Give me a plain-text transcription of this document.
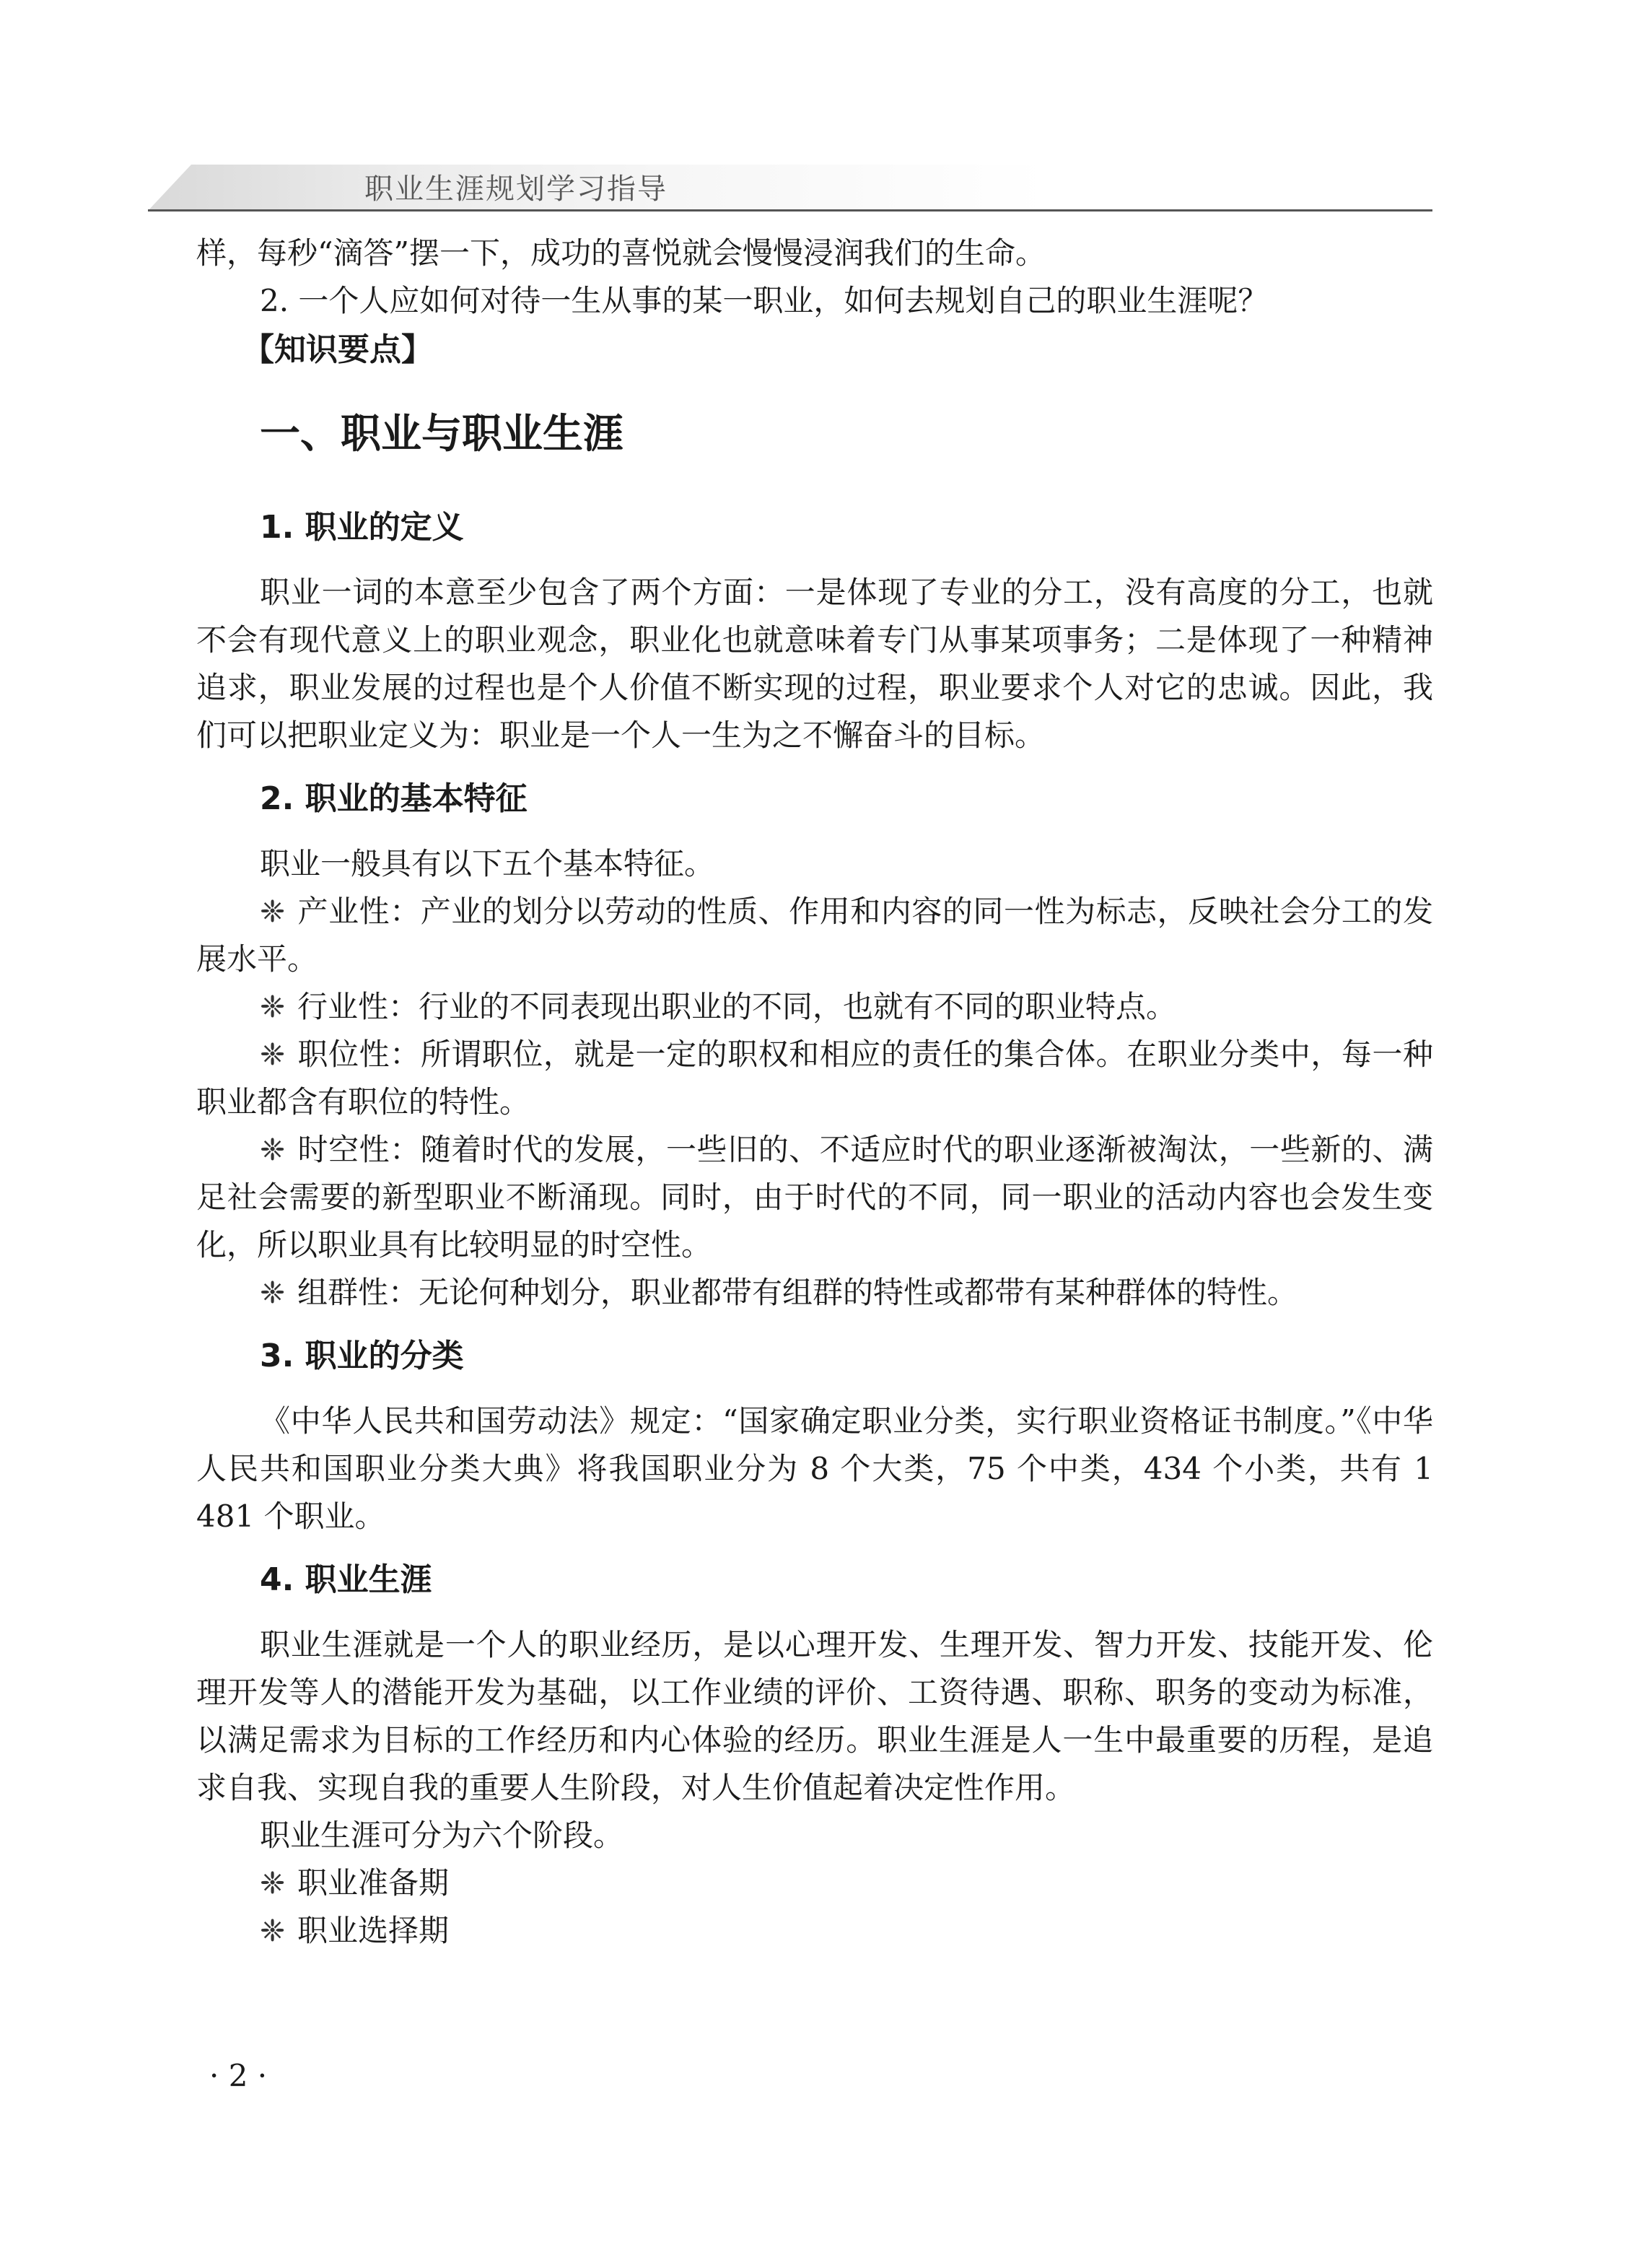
职业生涯规划学习指导

样，每秒“滴答”摆一下，成功的喜悦就会慢慢浸润我们的生命。

2. 一个人应如何对待一生从事的某一职业，如何去规划自己的职业生涯呢？

【知识要点】
一、职业与职业生涯
1. 职业的定义

职业一词的本意至少包含了两个方面：一是体现了专业的分工，没有高度的分工，也就不会有现代意义上的职业观念，职业化也就意味着专门从事某项事务；二是体现了一种精神追求，职业发展的过程也是个人价值不断实现的过程，职业要求个人对它的忠诚。因此，我们可以把职业定义为：职业是一个人一生为之不懈奋斗的目标。

2. 职业的基本特征

职业一般具有以下五个基本特征。

❈ 产业性：产业的划分以劳动的性质、作用和内容的同一性为标志，反映社会分工的发展水平。

❈ 行业性：行业的不同表现出职业的不同，也就有不同的职业特点。

❈ 职位性：所谓职位，就是一定的职权和相应的责任的集合体。在职业分类中，每一种职业都含有职位的特性。

❈ 时空性：随着时代的发展，一些旧的、不适应时代的职业逐渐被淘汰，一些新的、满足社会需要的新型职业不断涌现。同时，由于时代的不同，同一职业的活动内容也会发生变化，所以职业具有比较明显的时空性。

❈ 组群性：无论何种划分，职业都带有组群的特性或都带有某种群体的特性。

3. 职业的分类

《中华人民共和国劳动法》规定：“国家确定职业分类，实行职业资格证书制度。”《中华人民共和国职业分类大典》将我国职业分为 8 个大类，75 个中类，434 个小类，共有 1 481 个职业。

4. 职业生涯

职业生涯就是一个人的职业经历，是以心理开发、生理开发、智力开发、技能开发、伦理开发等人的潜能开发为基础，以工作业绩的评价、工资待遇、职称、职务的变动为标准，以满足需求为目标的工作经历和内心体验的经历。职业生涯是人一生中最重要的历程，是追求自我、实现自我的重要人生阶段，对人生价值起着决定性作用。

职业生涯可分为六个阶段。

❈ 职业准备期

❈ 职业选择期

· 2 ·
